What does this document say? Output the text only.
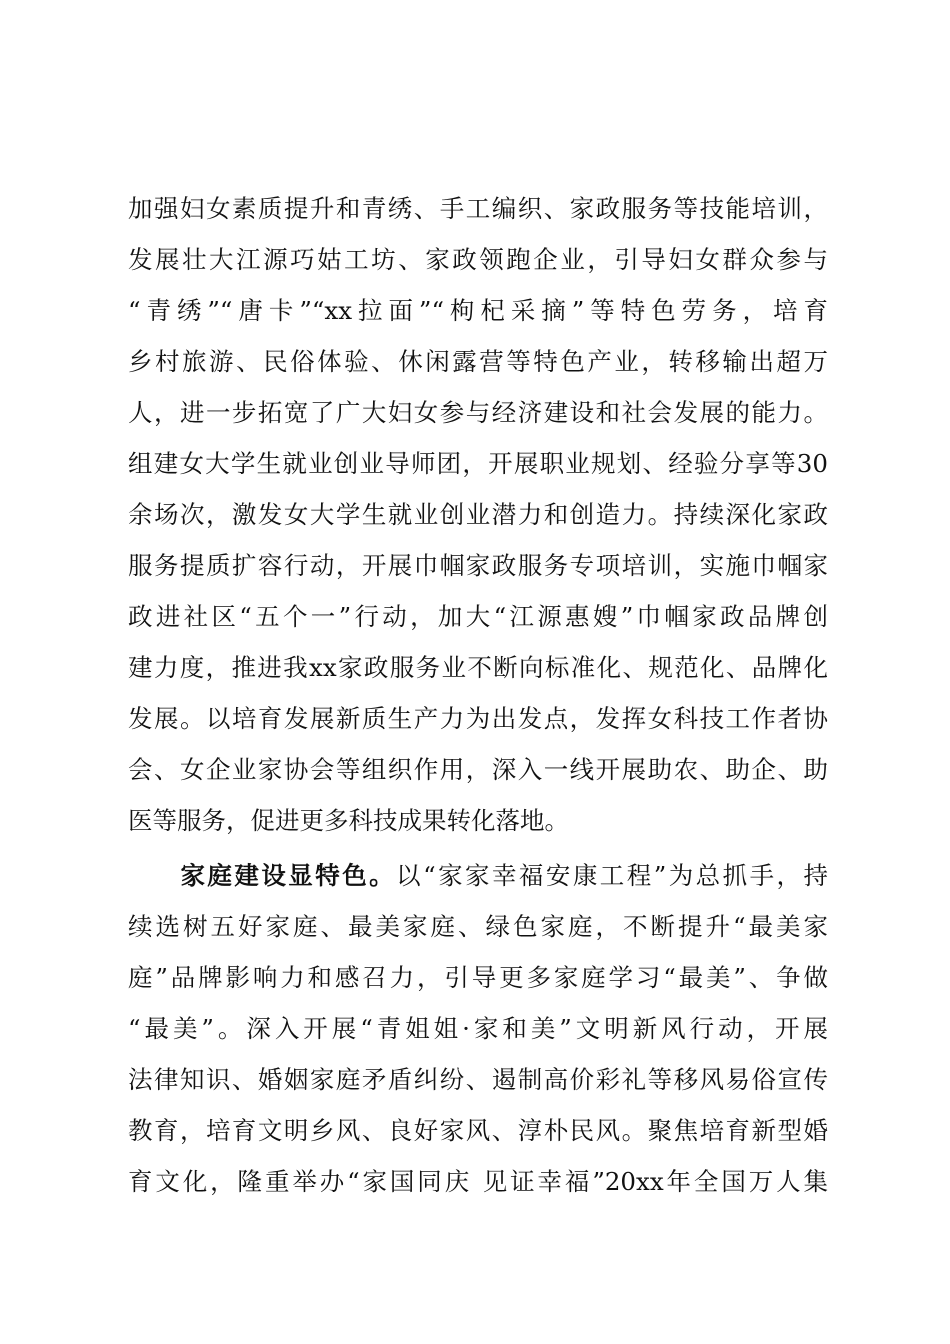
加强妇女素质提升和青绣、手工编织、家政服务等技能培训，
发展壮大江源巧姑工坊、家政领跑企业，引导妇女群众参与
“青绣”“唐卡”“xx拉面”“枸杞采摘”等特色劳务，培育
乡村旅游、民俗体验、休闲露营等特色产业，转移输出超万
人，进一步拓宽了广大妇女参与经济建设和社会发展的能力。
组建女大学生就业创业导师团，开展职业规划、经验分享等30
余场次，激发女大学生就业创业潜力和创造力。持续深化家政
服务提质扩容行动，开展巾帼家政服务专项培训，实施巾帼家
政进社区“五个一”行动，加大“江源惠嫂”巾帼家政品牌创
建力度，推进我xx家政服务业不断向标准化、规范化、品牌化
发展。以培育发展新质生产力为出发点，发挥女科技工作者协
会、女企业家协会等组织作用，深入一线开展助农、助企、助
医等服务，促进更多科技成果转化落地。
家庭建设显特色。以“家家幸福安康工程”为总抓手，持
续选树五好家庭、最美家庭、绿色家庭，不断提升“最美家
庭”品牌影响力和感召力，引导更多家庭学习“最美”、争做
“最美”。深入开展“青姐姐·家和美”文明新风行动，开展
法律知识、婚姻家庭矛盾纠纷、遏制高价彩礼等移风易俗宣传
教育，培育文明乡风、良好家风、淳朴民风。聚焦培育新型婚
育文化，隆重举办“家国同庆 见证幸福”20xx年全国万人集
